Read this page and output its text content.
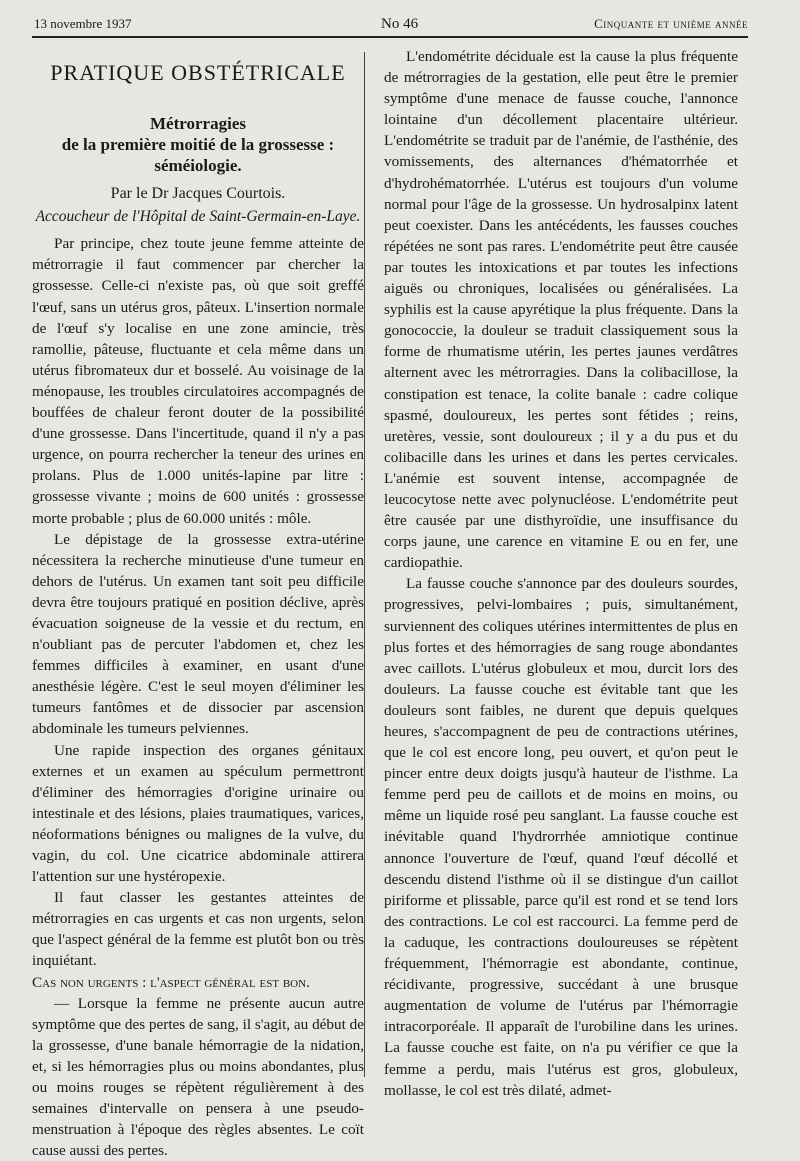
13 novembre 1937	No 46	Cinquante et unième année
PRATIQUE OBSTÉTRICALE
Métrorragies
de la première moitié de la grossesse :
séméiologie.
Par le Dr Jacques Courtois.
Accoucheur de l'Hôpital de Saint-Germain-en-Laye.

Par principe, chez toute jeune femme atteinte de métrorragie il faut commencer par chercher la grossesse. Celle-ci n'existe pas, où que soit greffé l'œuf, sans un utérus gros, pâteux. L'insertion normale de l'œuf s'y localise en une zone amincie, très ramollie, pâteuse, fluctuante et cela même dans un utérus fibromateux dur et bosselé. Au voisinage de la ménopause, les troubles circulatoires accompagnés de bouffées de chaleur feront douter de la possibilité d'une grossesse. Dans l'incertitude, quand il n'y a pas urgence, on pourra rechercher la teneur des urines en prolans. Plus de 1.000 unités-lapine par litre : grossesse vivante ; moins de 600 unités : grossesse morte probable ; plus de 60.000 unités : môle.

Le dépistage de la grossesse extra-utérine nécessitera la recherche minutieuse d'une tumeur en dehors de l'utérus. Un examen tant soit peu difficile devra être toujours pratiqué en position déclive, après évacuation soigneuse de la vessie et du rectum, en n'oubliant pas de percuter l'abdomen et, chez les femmes difficiles à examiner, en usant d'une anesthésie légère. C'est le seul moyen d'éliminer les tumeurs fantômes et de dissocier par ascension abdominale les tumeurs pelviennes.

Une rapide inspection des organes génitaux externes et un examen au spéculum permettront d'éliminer des hémorragies d'origine urinaire ou intestinale et des lésions, plaies traumatiques, varices, néoformations bénignes ou malignes de la vulve, du vagin, du col. Une cicatrice abdominale attirera l'attention sur une hystéropexie.

Il faut classer les gestantes atteintes de métrorragies en cas urgents et cas non urgents, selon que l'aspect général de la femme est plutôt bon ou très inquiétant.

Cas non urgents : l'aspect général est bon.

— Lorsque la femme ne présente aucun autre symptôme que des pertes de sang, il s'agit, au début de la grossesse, d'une banale hémorragie de la nidation, et, si les hémorragies plus ou moins abondantes, plus ou moins rouges se répètent régulièrement à des semaines d'intervalle on pensera à une pseudo-menstruation à l'époque des règles absentes. Le coït cause aussi des pertes.

L'endométrite déciduale est la cause la plus fréquente de métrorragies de la gestation, elle peut être le premier symptôme d'une menace de fausse couche, l'annonce lointaine d'un décollement placentaire ultérieur. L'endométrite se traduit par de l'anémie, de l'asthénie, des vomissements, des alternances d'hématorrhée et d'hydrohématorrhée. L'utérus est toujours d'un volume normal pour l'âge de la grossesse. Un hydrosalpinx latent peut coexister. Dans les antécédents, les fausses couches répétées ne sont pas rares. L'endométrite peut être causée par toutes les intoxications et par toutes les infections aiguës ou chroniques, localisées ou généralisées. La syphilis est la cause apyrétique la plus fréquente. Dans la gonococcie, la douleur se traduit classiquement sous la forme de rhumatisme utérin, les pertes jaunes verdâtres alternent avec les métrorragies. Dans la colibacillose, la constipation est tenace, la colite banale : cadre colique spasmé, douloureux, les pertes sont fétides ; reins, uretères, vessie, sont douloureux ; il y a du pus et du colibacille dans les urines et dans les pertes cervicales. L'anémie est souvent intense, accompagnée de leucocytose nette avec polynucléose. L'endométrite peut être causée par une disthyroïdie, une insuffisance du corps jaune, une carence en vitamine E ou en fer, une cardiopathie.

La fausse couche s'annonce par des douleurs sourdes, progressives, pelvi-lombaires ; puis, simultanément, surviennent des coliques utérines intermittentes de plus en plus fortes et des hémorragies de sang rouge abondantes avec caillots. L'utérus globuleux et mou, durcit lors des douleurs. La fausse couche est évitable tant que les douleurs sont faibles, ne durent que depuis quelques heures, s'accompagnent de peu de contractions utérines, que le col est encore long, peu ouvert, et qu'on peut le pincer entre deux doigts jusqu'à hauteur de l'isthme. La femme perd peu de caillots et de moins en moins, ou même un liquide rosé peu sanglant. La fausse couche est inévitable quand l'hydrorrhée amniotique continue annonce l'ouverture de l'œuf, quand l'œuf décollé et descendu distend l'isthme où il se distingue d'un caillot piriforme et plissable, parce qu'il est rond et se tend lors des contractions. Le col est raccourci. La femme perd de la caduque, les contractions douloureuses se répètent fréquemment, l'hémorragie est abondante, continue, récidivante, progressive, succédant à une brusque augmentation de volume de l'utérus par l'hémorragie intracorporéale. Il apparaît de l'urobiline dans les urines. La fausse couche est faite, on n'a pu vérifier ce que la femme a perdu, mais l'utérus est gros, globuleux, mollasse, le col est très dilaté, admet-
